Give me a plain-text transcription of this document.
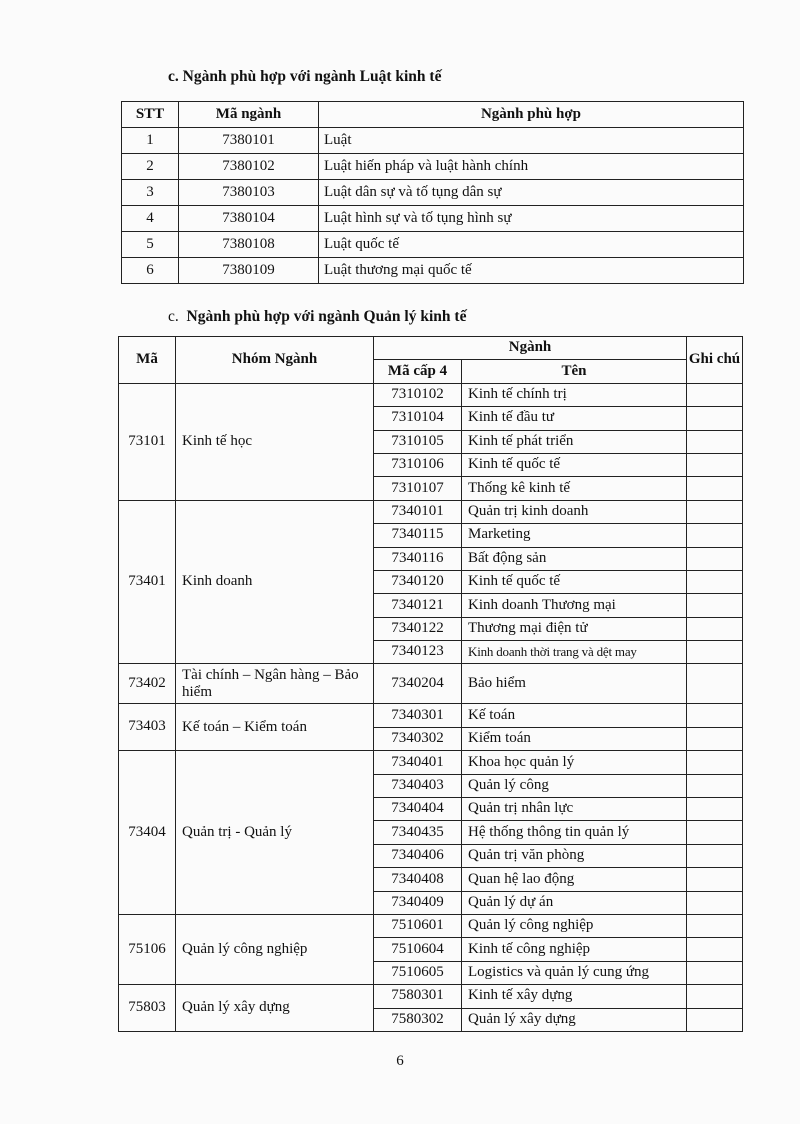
c. Ngành phù hợp với ngành Luật kinh tế
STT	Mã ngành	Ngành phù hợp
1	7380101	Luật
2	7380102	Luật hiến pháp và luật hành chính
3	7380103	Luật dân sự và tố tụng dân sự
4	7380104	Luật hình sự và tố tụng hình sự
5	7380108	Luật quốc tế
6	7380109	Luật thương mại quốc tế
c. Ngành phù hợp với ngành Quản lý kinh tế
Mã	Nhóm Ngành	Ngành		Ghi chú
		Mã cấp 4	Tên	
73101	Kinh tế học	7310102	Kinh tế chính trị	
		7310104	Kinh tế đầu tư	
		7310105	Kinh tế phát triển	
		7310106	Kinh tế quốc tế	
		7310107	Thống kê kinh tế	
73401	Kinh doanh	7340101	Quản trị kinh doanh	
		7340115	Marketing	
		7340116	Bất động sản	
		7340120	Kinh tế quốc tế	
		7340121	Kinh doanh Thương mại	
		7340122	Thương mại điện tử	
		7340123	Kinh doanh thời trang và dệt may	
73402	Tài chính – Ngân hàng – Bảo hiểm	7340204	Bảo hiểm	
73403	Kế toán – Kiểm toán	7340301	Kế toán	
		7340302	Kiểm toán	
73404	Quản trị - Quản lý	7340401	Khoa học quản lý	
		7340403	Quản lý công	
		7340404	Quản trị nhân lực	
		7340435	Hệ thống thông tin quản lý	
		7340406	Quản trị văn phòng	
		7340408	Quan hệ lao động	
		7340409	Quản lý dự án	
75106	Quản lý công nghiệp	7510601	Quản lý công nghiệp	
		7510604	Kinh tế công nghiệp	
		7510605	Logistics và quản lý cung ứng	
75803	Quản lý xây dựng	7580301	Kinh tế xây dựng	
		7580302	Quản lý xây dựng	
6
